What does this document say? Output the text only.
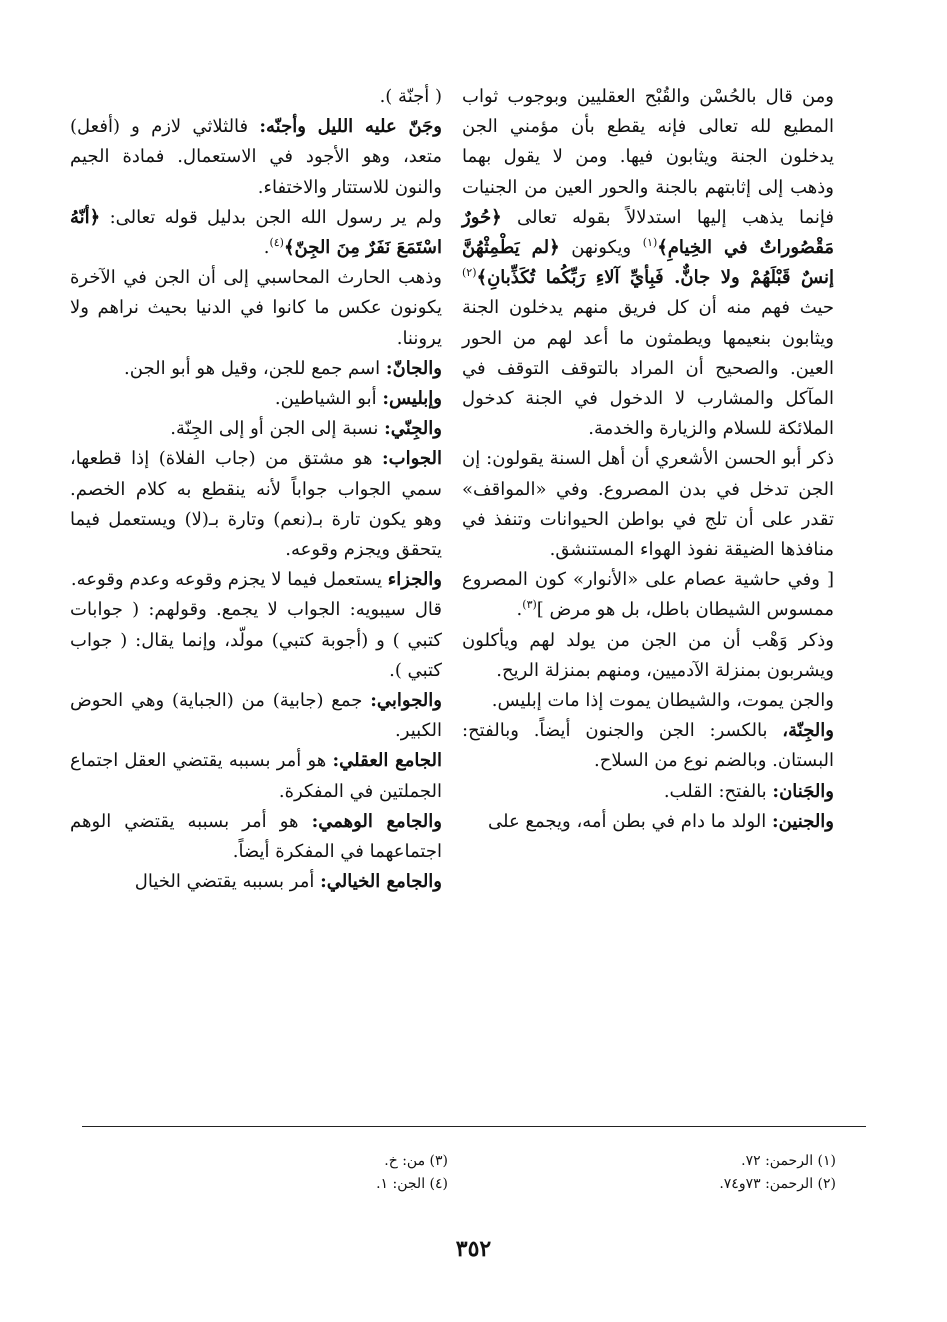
ومن قال بالحُسْن والقُبْح العقليين وبوجوب ثواب المطيع لله تعالى فإنه يقطع بأن مؤمني الجن يدخلون الجنة ويثابون فيها. ومن لا يقول بهما وذهب إلى إثابتهم بالجنة والحور العين من الجنيات فإنما يذهب إليها استدلالاً بقوله تعالى ﴿حُورٌ مَقْصُوراتٌ في الخِيامِ﴾$^{(١)}$ ويكونهن ﴿لم يَطْمِثْهُنَّ إنسٌ قَبْلَهُمْ ولا جانٌّ. فَبِأيِّ آلاءِ رَبِّكُما تُكَذِّبانِ﴾$^{(٢)}$ حيث فهم منه أن كل فريق منهم يدخلون الجنة ويثابون بنعيمها ويطمثون ما أعد لهم من الحور العين. والصحيح أن المراد بالتوقف التوقف في المآكل والمشارب لا الدخول في الجنة كدخول الملائكة للسلام والزيارة والخدمة.

ذكر أبو الحسن الأشعري أن أهل السنة يقولون: إن الجن تدخل في بدن المصروع. وفي «المواقف» تقدر على أن تلج في بواطن الحيوانات وتنفذ في منافذها الضيقة نفوذ الهواء المستنشق.

[ وفي حاشية عصام على «الأنوار» كون المصروع ممسوس الشيطان باطل، بل هو مرض ]$^{(٣)}$.

وذكر وَهْب أن من الجن من يولد لهم ويأكلون ويشربون بمنزلة الآدميين، ومنهم بمنزلة الريح.

والجن يموت، والشيطان يموت إذا مات إبليس.

والجِنّة، بالكسر: الجن والجنون أيضاً. وبالفتح: البستان. وبالضم نوع من السلاح.

والجَنان: بالفتح: القلب.

والجنين: الولد ما دام في بطن أمه، ويجمع على

( أجنّة ).

وجَنّ عليه الليل وأجنّه: فالثلاثي لازم و (أفعل) متعد، وهو الأجود في الاستعمال. فمادة الجيم والنون للاستتار والاختفاء.

ولم ير رسول الله الجن بدليل قوله تعالى: ﴿أنّهُ اسْتَمَعَ نَفَرٌ مِنَ الجِنّ﴾$^{(٤)}$.

وذهب الحارث المحاسبي إلى أن الجن في الآخرة يكونون عكس ما كانوا في الدنيا بحيث نراهم ولا يروننا.

والجانّ: اسم جمع للجن، وقيل هو أبو الجن.

وإبليس: أبو الشياطين.

والجِنّي: نسبة إلى الجن أو إلى الجِنّة.

الجواب: هو مشتق من (جاب الفلاة) إذا قطعها، سمي الجواب جواباً لأنه ينقطع به كلام الخصم. وهو يكون تارة بـ(نعم) وتارة بـ(لا) ويستعمل فيما يتحقق ويجزم وقوعه.

والجزاء يستعمل فيما لا يجزم وقوعه وعدم وقوعه.

قال سيبويه: الجواب لا يجمع. وقولهم: ( جوابات كتبي ) و (أجوبة كتبي) مولّد، وإنما يقال: ( جواب كتبي ).

والجوابي: جمع (جابية) من (الجباية) وهي الحوض الكبير.

الجامع العقلي: هو أمر بسببه يقتضي العقل اجتماع الجملتين في المفكرة.

والجامع الوهمي: هو أمر بسببه يقتضي الوهم اجتماعهما في المفكرة أيضاً.

والجامع الخيالي: أمر بسببه يقتضي الخيال

(١) الرحمن: ٧٢.
(٢) الرحمن: ٧٣و٧٤.
(٣) من: خ.
(٤) الجن: ١.
٣٥٢
